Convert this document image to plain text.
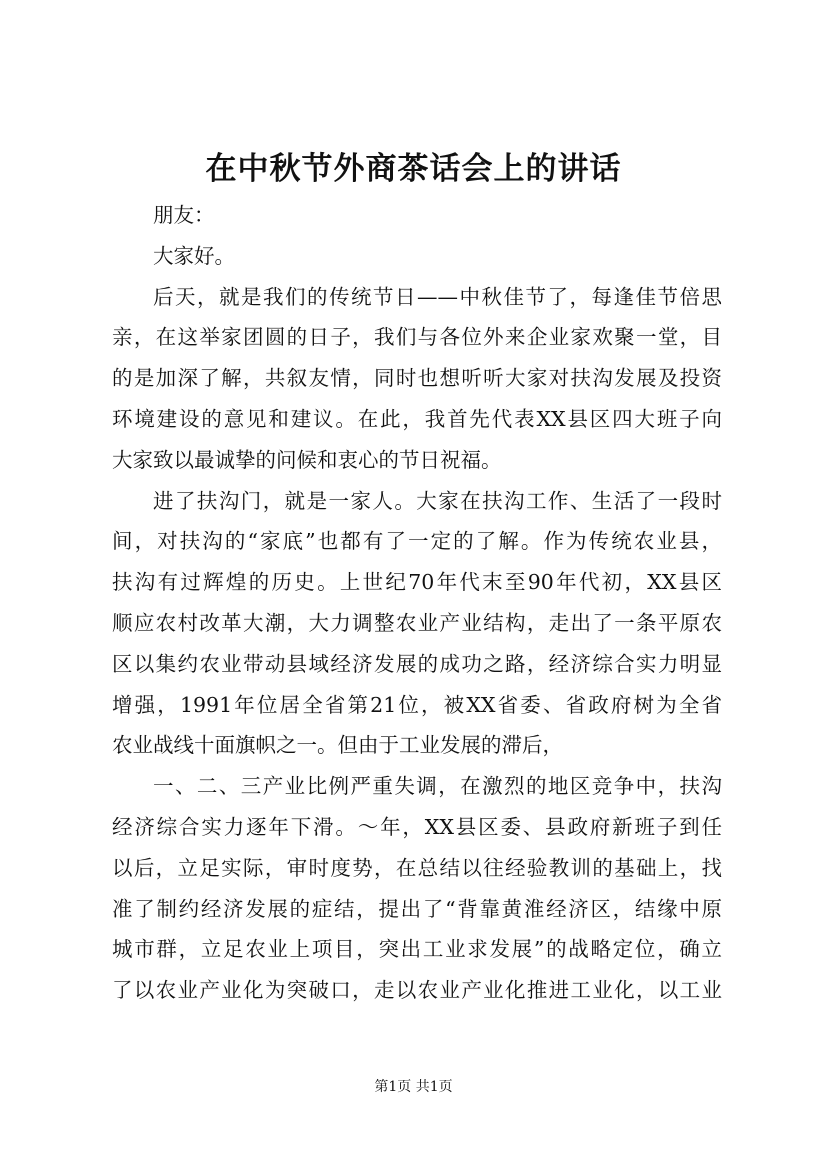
在中秋节外商茶话会上的讲话
朋友：
大家好。
后天，就是我们的传统节日——中秋佳节了，每逢佳节倍思
亲，在这举家团圆的日子，我们与各位外来企业家欢聚一堂，目
的是加深了解，共叙友情，同时也想听听大家对扶沟发展及投资
环境建设的意见和建议。在此，我首先代表XX县区四大班子向
大家致以最诚挚的问候和衷心的节日祝福。
进了扶沟门，就是一家人。大家在扶沟工作、生活了一段时
间，对扶沟的“家底”也都有了一定的了解。作为传统农业县，
扶沟有过辉煌的历史。上世纪70年代末至90年代初，XX县区
顺应农村改革大潮，大力调整农业产业结构，走出了一条平原农
区以集约农业带动县域经济发展的成功之路，经济综合实力明显
增强，1991年位居全省第21位，被XX省委、省政府树为全省
农业战线十面旗帜之一。但由于工业发展的滞后，
一、二、三产业比例严重失调，在激烈的地区竞争中，扶沟
经济综合实力逐年下滑。～年，XX县区委、县政府新班子到任
以后，立足实际，审时度势，在总结以往经验教训的基础上，找
准了制约经济发展的症结，提出了“背靠黄淮经济区，结缘中原
城市群，立足农业上项目，突出工业求发展”的战略定位，确立
了以农业产业化为突破口，走以农业产业化推进工业化，以工业
第1页 共1页
